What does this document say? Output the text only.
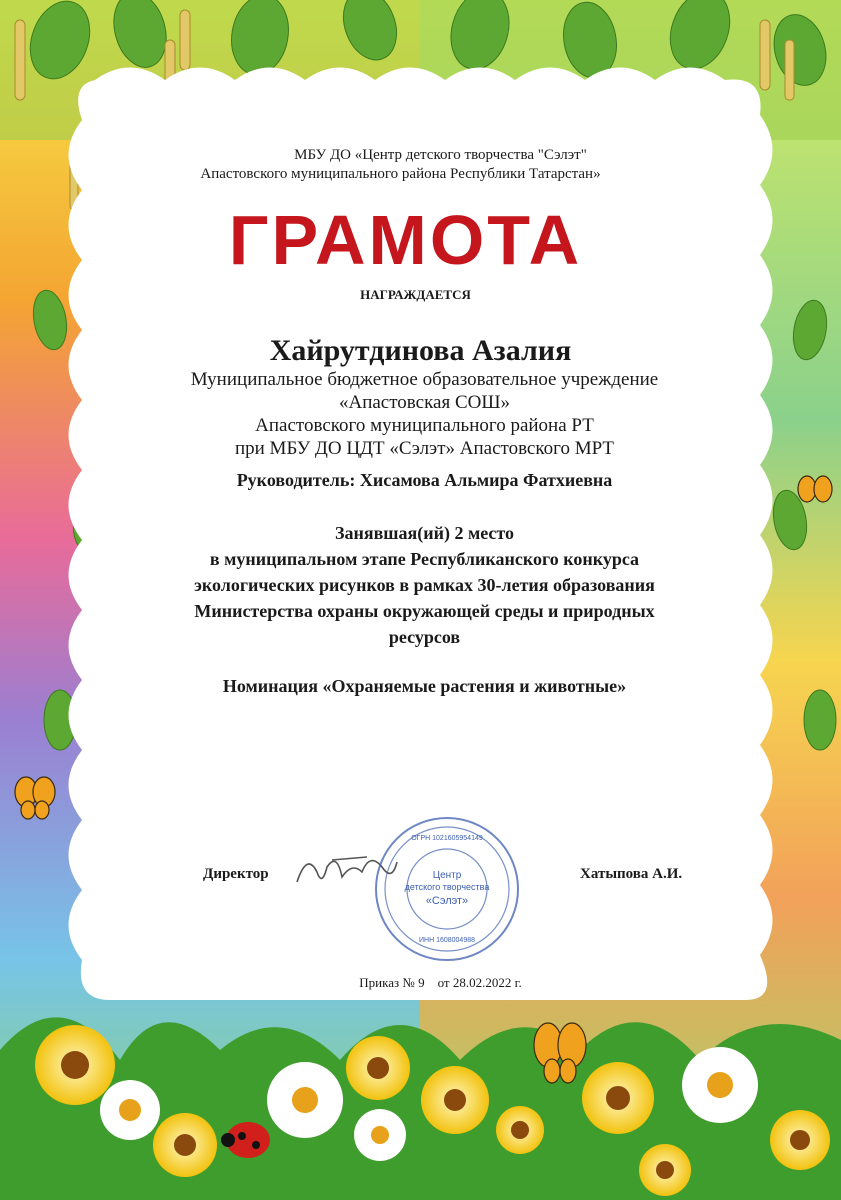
МБУ ДО «Центр детского творчества "Сэлэт"
Апастовского муниципального района Республики Татарстан»
ГРАМОТА
НАГРАЖДАЕТСЯ
Хайрутдинова Азалия
Муниципальное бюджетное образовательное учреждение
«Апастовская СОШ»
Апастовского муниципального района РТ
при МБУ ДО ЦДТ «Сэлэт» Апастовского МРТ
Руководитель: Хисамова Альмира Фатхиевна
Занявшая(ий) 2 место
в муниципальном этапе Республиканского конкурса
экологических рисунков в рамках 30-летия образования
Министерства охраны окружающей среды и природных
ресурсов
Номинация «Охраняемые растения и животные»
Директор	Хатыпова А.И.
Центр
детского творчества
«Сэлэт»
ОГРН 1021605954149
ИНН 1608004988
Приказ № 9    от 28.02.2022 г.
